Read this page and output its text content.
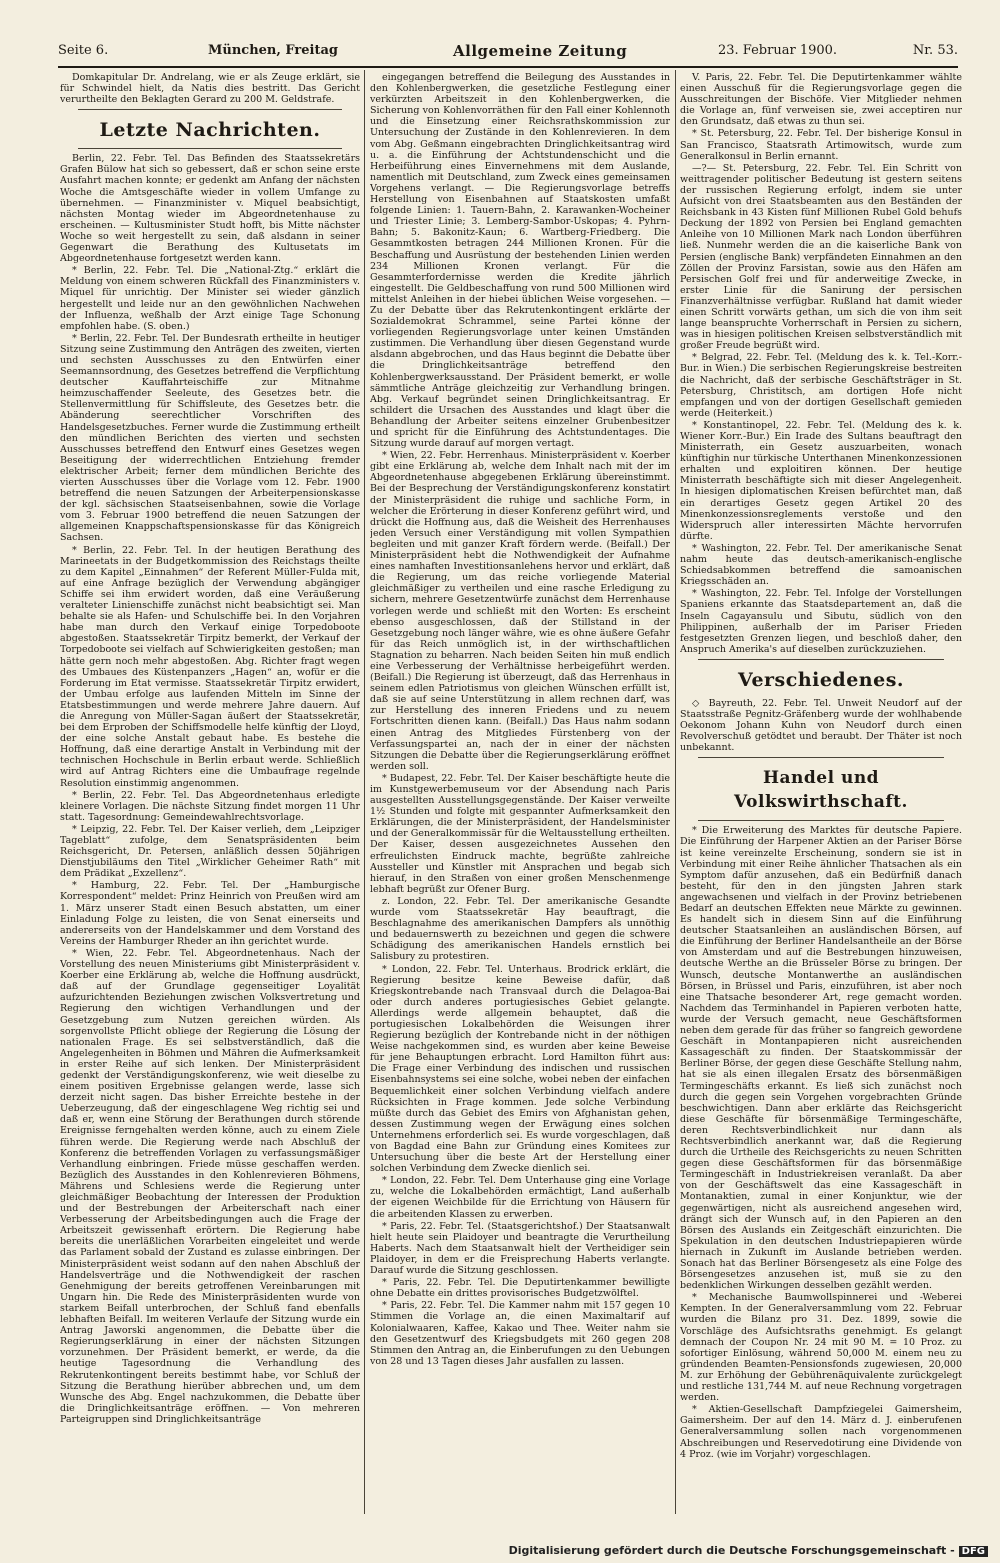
Seite 6.	München, Freitag	Allgemeine Zeitung	23. Februar 1900.	Nr. 53.

Domkapitular Dr. Andrelang, wie er als Zeuge erklärt, sie für Schwindel hielt, da Natis dies bestritt. Das Gericht verurtheilte den Beklagten Gerard zu 200 M. Geldstrafe.

Letzte Nachrichten.

Berlin, 22. Febr. Tel. Das Befinden des Staatssekretärs Grafen Bülow hat sich so gebessert, daß er schon seine erste Ausfahrt machen konnte; er gedenkt am Anfang der nächsten Woche die Amtsgeschäfte wieder in vollem Umfange zu übernehmen. — Finanzminister v. Miquel beabsichtigt, nächsten Montag wieder im Abgeordnetenhause zu erscheinen. — Kultusminister Studt hofft, bis Mitte nächster Woche so weit hergestellt zu sein, daß alsdann in seiner Gegenwart die Berathung des Kultusetats im Abgeordnetenhause fortgesetzt werden kann.

* Berlin, 22. Febr. Tel. Die „National-Ztg.“ erklärt die Meldung von einem schweren Rückfall des Finanzministers v. Miquel für unrichtig. Der Minister sei wieder gänzlich hergestellt und leide nur an den gewöhnlichen Nachwehen der Influenza, weßhalb der Arzt einige Tage Schonung empfohlen habe. (S. oben.)

* Berlin, 22. Febr. Tel. Der Bundesrath ertheilte in heutiger Sitzung seine Zustimmung den Anträgen des zweiten, vierten und sechsten Ausschusses zu den Entwürfen einer Seemannsordnung, des Gesetzes betreffend die Verpflichtung deutscher Kauffahrteischiffe zur Mitnahme heimzuschaffender Seeleute, des Gesetzes betr. die Stellenvermittlung für Schiffsleute, des Gesetzes betr. die Abänderung seerechtlicher Vorschriften des Handelsgesetzbuches. Ferner wurde die Zustimmung ertheilt den mündlichen Berichten des vierten und sechsten Ausschusses betreffend den Entwurf eines Gesetzes wegen Beseitigung der widerrechtlichen Entziehung fremder elektrischer Arbeit; ferner dem mündlichen Berichte des vierten Ausschusses über die Vorlage vom 12. Febr. 1900 betreffend die neuen Satzungen der Arbeiterpensionskasse der kgl. sächsischen Staatseisenbahnen, sowie die Vorlage vom 3. Februar 1900 betreffend die neuen Satzungen der allgemeinen Knappschaftspensionskasse für das Königreich Sachsen.

* Berlin, 22. Febr. Tel. In der heutigen Berathung des Marineetats in der Budgetkommission des Reichstags theilte zu dem Kapitel „Einnahmen“ der Referent Müller-Fulda mit, auf eine Anfrage bezüglich der Verwendung abgängiger Schiffe sei ihm erwidert worden, daß eine Veräußerung veralteter Linienschiffe zunächst nicht beabsichtigt sei. Man behalte sie als Hafen- und Schulschiffe bei. In den Vorjahren habe man durch den Verkauf einige Torpedoboote abgestoßen. Staatssekretär Tirpitz bemerkt, der Verkauf der Torpedoboote sei vielfach auf Schwierigkeiten gestoßen; man hätte gern noch mehr abgestoßen. Abg. Richter fragt wegen des Umbaues des Küstenpanzers „Hagen“ an, wofür er die Forderung im Etat vermisse. Staatssekretär Tirpitz erwidert, der Umbau erfolge aus laufenden Mitteln im Sinne der Etatsbestimmungen und werde mehrere Jahre dauern. Auf die Anregung von Müller-Sagan äußert der Staatssekretär, bei dem Erproben der Schiffsmodelle helfe künftig der Lloyd, der eine solche Anstalt gebaut habe. Es bestehe die Hoffnung, daß eine derartige Anstalt in Verbindung mit der technischen Hochschule in Berlin erbaut werde. Schließlich wird auf Antrag Richters eine die Umbaufrage regelnde Resolution einstimmig angenommen.

* Berlin, 22. Febr. Tel. Das Abgeordnetenhaus erledigte kleinere Vorlagen. Die nächste Sitzung findet morgen 11 Uhr statt. Tagesordnung: Gemeindewahlrechtsvorlage.

* Leipzig, 22. Febr. Tel. Der Kaiser verlieh, dem „Leipziger Tageblatt“ zufolge, dem Senatspräsidenten beim Reichsgericht, Dr. Petersen, anläßlich dessen 50jährigen Dienstjubiläums den Titel „Wirklicher Geheimer Rath“ mit dem Prädikat „Exzellenz“.

* Hamburg, 22. Febr. Tel. Der „Hamburgische Korrespondent“ meldet: Prinz Heinrich von Preußen wird am 1. März unserer Stadt einen Besuch abstatten, um einer Einladung Folge zu leisten, die von Senat einerseits und andererseits von der Handelskammer und dem Vorstand des Vereins der Hamburger Rheder an ihn gerichtet wurde.

* Wien, 22. Febr. Tel. Abgeordnetenhaus. Nach der Vorstellung des neuen Ministeriums gibt Ministerpräsident v. Koerber eine Erklärung ab, welche die Hoffnung ausdrückt, daß auf der Grundlage gegenseitiger Loyalität aufzurichtenden Beziehungen zwischen Volksvertretung und Regierung den wichtigen Verhandlungen und der Gesetzgebung zum Nutzen gereichen würden. Als sorgenvollste Pflicht obliege der Regierung die Lösung der nationalen Frage. Es sei selbstverständlich, daß die Angelegenheiten in Böhmen und Mähren die Aufmerksamkeit in erster Reihe auf sich lenken. Der Ministerpräsident gedenkt der Verständigungskonferenz, wie weit dieselbe zu einem positiven Ergebnisse gelangen werde, lasse sich derzeit nicht sagen. Das bisher Erreichte bestehe in der Ueberzeugung, daß der eingeschlagene Weg richtig sei und daß er, wenn eine Störung der Berathungen durch störende Ereignisse ferngehalten werden könne, auch zu einem Ziele führen werde. Die Regierung werde nach Abschluß der Konferenz die betreffenden Vorlagen zu verfassungsmäßiger Verhandlung einbringen. Friede müsse geschaffen werden. Bezüglich des Ausstandes in den Kohlenrevieren Böhmens, Mährens und Schlesiens werde die Regierung unter gleichmäßiger Beobachtung der Interessen der Produktion und der Bestrebungen der Arbeiterschaft nach einer Verbesserung der Arbeitsbedingungen auch die Frage der Arbeitszeit gewissenhaft erörtern. Die Regierung habe bereits die unerläßlichen Vorarbeiten eingeleitet und werde das Parlament sobald der Zustand es zulasse einbringen. Der Ministerpräsident weist sodann auf den nahen Abschluß der Handelsverträge und die Nothwendigkeit der raschen Genehmigung der bereits getroffenen Vereinbarungen mit Ungarn hin. Die Rede des Ministerpräsidenten wurde von starkem Beifall unterbrochen, der Schluß fand ebenfalls lebhaften Beifall. Im weiteren Verlaufe der Sitzung wurde ein Antrag Jaworski angenommen, die Debatte über die Regierungserklärung in einer der nächsten Sitzungen vorzunehmen. Der Präsident bemerkt, er werde, da die heutige Tagesordnung die Verhandlung des Rekrutenkontingent bereits bestimmt habe, vor Schluß der Sitzung die Berathung hierüber abbrechen und, um dem Wunsche des Abg. Engel nachzukommen, die Debatte über die Dringlichkeitsanträge eröffnen. — Von mehreren Parteigruppen sind Dringlichkeitsanträge

eingegangen betreffend die Beilegung des Ausstandes in den Kohlenbergwerken, die gesetzliche Festlegung einer verkürzten Arbeitszeit in den Kohlenbergwerken, die Sicherung von Kohlenvorräthen für den Fall einer Kohlennoth und die Einsetzung einer Reichsrathskommission zur Untersuchung der Zustände in den Kohlenrevieren. In dem vom Abg. Geßmann eingebrachten Dringlichkeitsantrag wird u. a. die Einführung der Achtstundenschicht und die Herbeiführung eines Einvernehmens mit dem Auslande, namentlich mit Deutschland, zum Zweck eines gemeinsamen Vorgehens verlangt. — Die Regierungsvorlage betreffs Herstellung von Eisenbahnen auf Staatskosten umfaßt folgende Linien: 1. Tauern-Bahn, 2. Karawanken-Wocheiner und Triester Linie; 3. Lemberg-Sambor-Uskopas; 4. Pyhrn-Bahn; 5. Bakonitz-Kaun; 6. Wartberg-Friedberg. Die Gesammtkosten betragen 244 Millionen Kronen. Für die Beschaffung und Ausrüstung der bestehenden Linien werden 234 Millionen Kronen verlangt. Für die Gesammterfordernisse werden die Kredite jährlich eingestellt. Die Geldbeschaffung von rund 500 Millionen wird mittelst Anleihen in der hiebei üblichen Weise vorgesehen. — Zu der Debatte über das Rekrutenkontingent erklärte der Sozialdemokrat Schrammel, seine Partei könne der vorliegenden Regierungsvorlage unter keinen Umständen zustimmen. Die Verhandlung über diesen Gegenstand wurde alsdann abgebrochen, und das Haus beginnt die Debatte über die Dringlichkeitsanträge betreffend den Kohlenbergwerksausstand. Der Präsident bemerkt, er wolle sämmtliche Anträge gleichzeitig zur Verhandlung bringen. Abg. Verkauf begründet seinen Dringlichkeitsantrag. Er schildert die Ursachen des Ausstandes und klagt über die Behandlung der Arbeiter seitens einzelner Grubenbesitzer und spricht für die Einführung des Achtstundentages. Die Sitzung wurde darauf auf morgen vertagt.

* Wien, 22. Febr. Herrenhaus. Ministerpräsident v. Koerber gibt eine Erklärung ab, welche dem Inhalt nach mit der im Abgeordnetenhause abgegebenen Erklärung übereinstimmt. Bei der Besprechung der Verständigungskonferenz konstatirt der Ministerpräsident die ruhige und sachliche Form, in welcher die Erörterung in dieser Konferenz geführt wird, und drückt die Hoffnung aus, daß die Weisheit des Herrenhauses jeden Versuch einer Verständigung mit vollen Sympathien begleiten und mit ganzer Kraft fördern werde. (Beifall.) Der Ministerpräsident hebt die Nothwendigkeit der Aufnahme eines namhaften Investitionsanlehens hervor und erklärt, daß die Regierung, um das reiche vorliegende Material gleichmäßiger zu vertheilen und eine rasche Erledigung zu sichern, mehrere Gesetzentwürfe zunächst dem Herrenhause vorlegen werde und schließt mit den Worten: Es erscheint ebenso ausgeschlossen, daß der Stillstand in der Gesetzgebung noch länger währe, wie es ohne äußere Gefahr für das Reich unmöglich ist, in der wirthschaftlichen Stagnation zu beharren. Nach beiden Seiten hin muß endlich eine Verbesserung der Verhältnisse herbeigeführt werden. (Beifall.) Die Regierung ist überzeugt, daß das Herrenhaus in seinem edlen Patriotismus von gleichen Wünschen erfüllt ist, daß sie auf seine Unterstützung in allem rechnen darf, was zur Herstellung des inneren Friedens und zu neuem Fortschritten dienen kann. (Beifall.) Das Haus nahm sodann einen Antrag des Mitgliedes Fürstenberg von der Verfassungspartei an, nach der in einer der nächsten Sitzungen die Debatte über die Regierungserklärung eröffnet werden soll.

* Budapest, 22. Febr. Tel. Der Kaiser beschäftigte heute die im Kunstgewerbemuseum vor der Absendung nach Paris ausgestellten Ausstellungsgegenstände. Der Kaiser verweilte 1½ Stunden und folgte mit gespannter Aufmerksamkeit den Erklärungen, die der Ministerpräsident, der Handelsminister und der Generalkommissär für die Weltausstellung ertheilten. Der Kaiser, dessen ausgezeichnetes Aussehen den erfreulichsten Eindruck machte, begrüßte zahlreiche Aussteller und Künstler mit Ansprachen und begab sich hierauf, in den Straßen von einer großen Menschenmenge lebhaft begrüßt zur Ofener Burg.

z. London, 22. Febr. Tel. Der amerikanische Gesandte wurde vom Staatssekretär Hay beauftragt, die Beschlagnahme des amerikanischen Dampfers als unnöthig und bedauernswerth zu bezeichnen und gegen die schwere Schädigung des amerikanischen Handels ernstlich bei Salisbury zu protestiren.

* London, 22. Febr. Tel. Unterhaus. Brodrick erklärt, die Regierung besitze keine Beweise dafür, daß Kriegskontrebande nach Transvaal durch die Delagoa-Bai oder durch anderes portugiesisches Gebiet gelangte. Allerdings werde allgemein behauptet, daß die portugiesischen Lokalbehörden die Weisungen ihrer Regierung bezüglich der Kontrebande nicht in der nöthigen Weise nachgekommen sind, es wurden aber keine Beweise für jene Behauptungen erbracht. Lord Hamilton führt aus: Die Frage einer Verbindung des indischen und russischen Eisenbahnsystems sei eine solche, wobei neben der einfachen Bequemlichkeit einer solchen Verbindung vielfach andere Rücksichten in Frage kommen. Jede solche Verbindung müßte durch das Gebiet des Emirs von Afghanistan gehen, dessen Zustimmung wegen der Erwägung eines solchen Unternehmens erforderlich sei. Es wurde vorgeschlagen, daß von Bagdad eine Bahn zur Gründung eines Komitees zur Untersuchung über die beste Art der Herstellung einer solchen Verbindung dem Zwecke dienlich sei.

* London, 22. Febr. Tel. Dem Unterhause ging eine Vorlage zu, welche die Lokalbehörden ermächtigt, Land außerhalb der eigenen Weichbilde für die Errichtung von Häusern für die arbeitenden Klassen zu erwerben.

* Paris, 22. Febr. Tel. (Staatsgerichtshof.) Der Staatsanwalt hielt heute sein Plaidoyer und beantragte die Verurtheilung Haberts. Nach dem Staatsanwalt hielt der Vertheidiger sein Plaidoyer, in dem er die Freisprechung Haberts verlangte. Darauf wurde die Sitzung geschlossen.

* Paris, 22. Febr. Tel. Die Deputirtenkammer bewilligte ohne Debatte ein drittes provisorisches Budgetzwölftel.

* Paris, 22. Febr. Tel. Die Kammer nahm mit 157 gegen 10 Stimmen die Vorlage an, die einen Maximaltarif auf Kolonialwaaren, Kaffee, Kakao und Thee. Weiter nahm sie den Gesetzentwurf des Kriegsbudgets mit 260 gegen 208 Stimmen den Antrag an, die Einberufungen zu den Uebungen von 28 und 13 Tagen dieses Jahr ausfallen zu lassen.

V. Paris, 22. Febr. Tel. Die Deputirtenkammer wählte einen Ausschuß für die Regierungsvorlage gegen die Ausschreitungen der Bischöfe. Vier Mitglieder nehmen die Vorlage an, fünf verweisen sie, zwei acceptiren nur den Grundsatz, daß etwas zu thun sei.

* St. Petersburg, 22. Febr. Tel. Der bisherige Konsul in San Francisco, Staatsrath Artimowitsch, wurde zum Generalkonsul in Berlin ernannt.

—?— St. Petersburg, 22. Febr. Tel. Ein Schritt von weittragender politischer Bedeutung ist gestern seitens der russischen Regierung erfolgt, indem sie unter Aufsicht von drei Staatsbeamten aus den Beständen der Reichsbank in 43 Kisten fünf Millionen Rubel Gold behufs Deckung der 1892 von Persien bei England gemachten Anleihe von 10 Millionen Mark nach London überführen ließ. Nunmehr werden die an die kaiserliche Bank von Persien (englische Bank) verpfändeten Einnahmen an den Zöllen der Provinz Farsistan, sowie aus den Häfen am Persischen Golf frei und für anderweitige Zwecke, in erster Linie für die Sanirung der persischen Finanzverhältnisse verfügbar. Rußland hat damit wieder einen Schritt vorwärts gethan, um sich die von ihm seit lange beanspruchte Vorherrschaft in Persien zu sichern, was in hiesigen politischen Kreisen selbstverständlich mit großer Freude begrüßt wird.

* Belgrad, 22. Febr. Tel. (Meldung des k. k. Tel.-Korr.-Bur. in Wien.) Die serbischen Regierungskreise bestreiten die Nachricht, daß der serbische Geschäftsträger in St. Petersburg, Christitsch, am dortigen Hofe nicht empfangen und von der dortigen Gesellschaft gemieden werde (Heiterkeit.)

* Konstantinopel, 22. Febr. Tel. (Meldung des k. k. Wiener Korr.-Bur.) Ein Irade des Sultans beauftragt den Ministerrath, ein Gesetz auszuarbeiten, wonach künftighin nur türkische Unterthanen Minenkonzessionen erhalten und exploitiren können. Der heutige Ministerrath beschäftigte sich mit dieser Angelegenheit. In hiesigen diplomatischen Kreisen befürchtet man, daß ein derartiges Gesetz gegen Artikel 20 des Minenkonzessionsreglements verstoße und den Widerspruch aller interessirten Mächte hervorrufen dürfte.

* Washington, 22. Febr. Tel. Der amerikanische Senat nahm heute das deutsch-amerikanisch-englische Schiedsabkommen betreffend die samoanischen Kriegsschäden an.

* Washington, 22. Febr. Tel. Infolge der Vorstellungen Spaniens erkannte das Staatsdepartement an, daß die Inseln Cagayansulu und Sibutu, südlich von den Philippinen, außerhalb der im Pariser Frieden festgesetzten Grenzen liegen, und beschloß daher, den Anspruch Amerika's auf dieselben zurückzuziehen.

Verschiedenes.

◇ Bayreuth, 22. Febr. Tel. Unweit Neudorf auf der Staatsstraße Pegnitz-Gräfenberg wurde der wohlhabende Oekonom Johann Kuhn von Neudorf durch einen Revolverschuß getödtet und beraubt. Der Thäter ist noch unbekannt.

Handel und Volkswirthschaft.

* Die Erweiterung des Marktes für deutsche Papiere. Die Einführung der Harpener Aktien an der Pariser Börse ist keine vereinzelte Erscheinung, sondern sie ist in Verbindung mit einer Reihe ähnlicher Thatsachen als ein Symptom dafür anzusehen, daß ein Bedürfniß danach besteht, für den in den jüngsten Jahren stark angewachsenen und vielfach in der Provinz betriebenen Bedarf an deutschen Effekten neue Märkte zu gewinnen. Es handelt sich in diesem Sinn auf die Einführung deutscher Staatsanleihen an ausländischen Börsen, auf die Einführung der Berliner Handelsantheile an der Börse von Amsterdam und auf die Bestrebungen hinzuweisen, deutsche Werthe an die Brüsseler Börse zu bringen. Der Wunsch, deutsche Montanwerthe an ausländischen Börsen, in Brüssel und Paris, einzuführen, ist aber noch eine Thatsache besonderer Art, rege gemacht worden. Nachdem das Terminhandel in Papieren verboten hatte, wurde der Versuch gemacht, neue Geschäftsformen neben dem gerade für das früher so fangreich gewordene Geschäft in Montanpapieren nicht ausreichenden Kassageschäft zu finden. Der Staatskommissär der Berliner Börse, der gegen diese Geschäfte Stellung nahm, hat sie als einen illegalen Ersatz des börsenmäßigen Termingeschäfts erkannt. Es ließ sich zunächst noch durch die gegen sein Vorgehen vorgebrachten Gründe beschwichtigen. Dann aber erklärte das Reichsgericht diese Geschäfte für börsenmäßige Termingeschäfte, deren Rechtsverbindlichkeit nur dann als Rechtsverbindlich anerkannt war, daß die Regierung durch die Urtheile des Reichsgerichts zu neuen Schritten gegen diese Geschäftsformen für das börsenmäßige Termingeschäft in Industriekreisen veranlaßt. Da aber von der Geschäftswelt das eine Kassageschäft in Montanaktien, zumal in einer Konjunktur, wie der gegenwärtigen, nicht als ausreichend angesehen wird, drängt sich der Wunsch auf, in den Papieren an den Börsen des Auslands ein Zeitgeschäft einzurichten. Die Spekulation in den deutschen Industriepapieren würde hiernach in Zukunft im Auslande betrieben werden. Sonach hat das Berliner Börsengesetz als eine Folge des Börsengesetzes anzusehen ist, muß sie zu den bedenklichen Wirkungen desselben gezählt werden.

* Mechanische Baumwollspinnerei und -Weberei Kempten. In der Generalversammlung vom 22. Februar wurden die Bilanz pro 31. Dez. 1899, sowie die Vorschläge des Aufsichtsraths genehmigt. Es gelangt demnach der Coupon Nr. 24 mit 90 M. = 10 Proz. zu sofortiger Einlösung, während 50,000 M. einem neu zu gründenden Beamten-Pensionsfonds zugewiesen, 20,000 M. zur Erhöhung der Gebührenäquivalente zurückgelegt und restliche 131,744 M. auf neue Rechnung vorgetragen werden.

* Aktien-Gesellschaft Dampfziegelei Gaimersheim, Gaimersheim. Der auf den 14. März d. J. einberufenen Generalversammlung sollen nach vorgenommenen Abschreibungen und Reservedotirung eine Dividende von 4 Proz. (wie im Vorjahr) vorgeschlagen.

Digitalisierung gefördert durch die Deutsche Forschungsgemeinschaft - DFG
